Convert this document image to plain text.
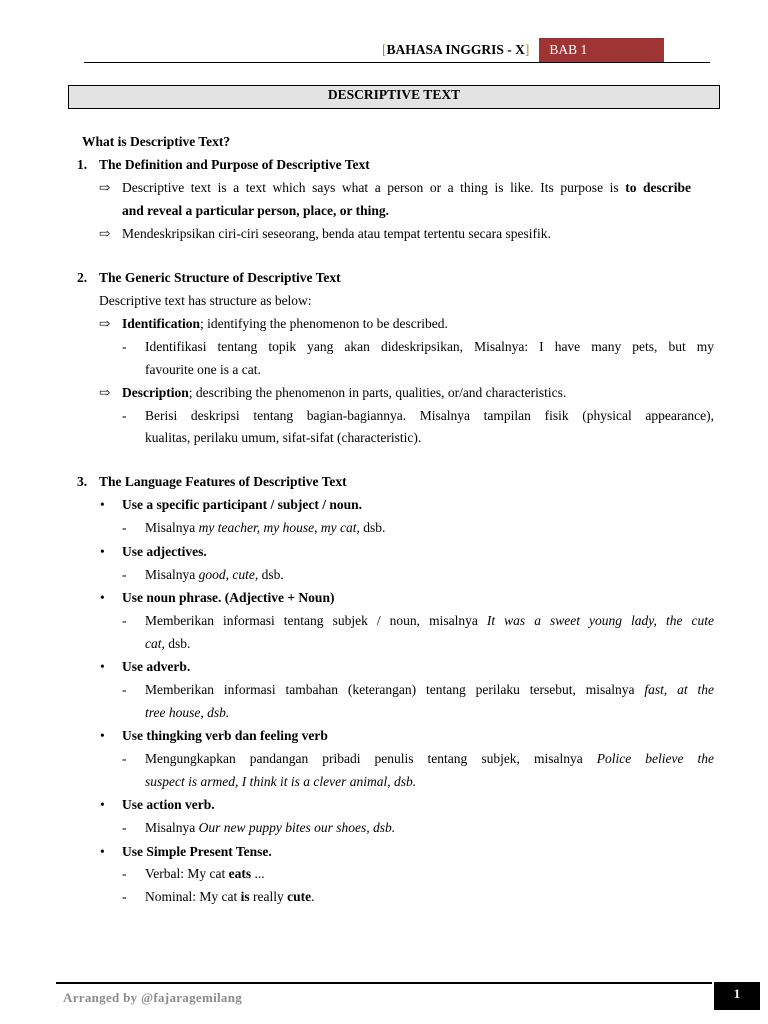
[BAHASA INGGRIS - X]	BAB 1 SEMESTER 1
DESCRIPTIVE TEXT
What is Descriptive Text?
1. The Definition and Purpose of Descriptive Text
⇨ Descriptive text is a text which says what a person or a thing is like. Its purpose is to describe
and reveal a particular person, place, or thing.
⇨ Mendeskripsikan ciri-ciri seseorang, benda atau tempat tertentu secara spesifik.
2. The Generic Structure of Descriptive Text
Descriptive text has structure as below:
⇨ Identification; identifying the phenomenon to be described.
- Identifikasi tentang topik yang akan dideskripsikan, Misalnya: I have many pets, but my
favourite one is a cat.
⇨ Description; describing the phenomenon in parts, qualities, or/and characteristics.
- Berisi deskripsi tentang bagian-bagiannya. Misalnya tampilan fisik (physical appearance),
kualitas, perilaku umum, sifat-sifat (characteristic).
3. The Language Features of Descriptive Text
• Use a specific participant / subject / noun.
- Misalnya my teacher, my house, my cat, dsb.
• Use adjectives.
- Misalnya good, cute, dsb.
• Use noun phrase. (Adjective + Noun)
- Memberikan informasi tentang subjek / noun, misalnya It was a sweet young lady, the cute
cat, dsb.
• Use adverb.
- Memberikan informasi tambahan (keterangan) tentang perilaku tersebut, misalnya fast, at the
tree house, dsb.
• Use thingking verb dan feeling verb
- Mengungkapkan pandangan pribadi penulis tentang subjek, misalnya Police believe the
suspect is armed, I think it is a clever animal, dsb.
• Use action verb.
- Misalnya Our new puppy bites our shoes, dsb.
• Use Simple Present Tense.
- Verbal: My cat eats ...
- Nominal: My cat is really cute.
Arranged by @fajaragemilang	1
